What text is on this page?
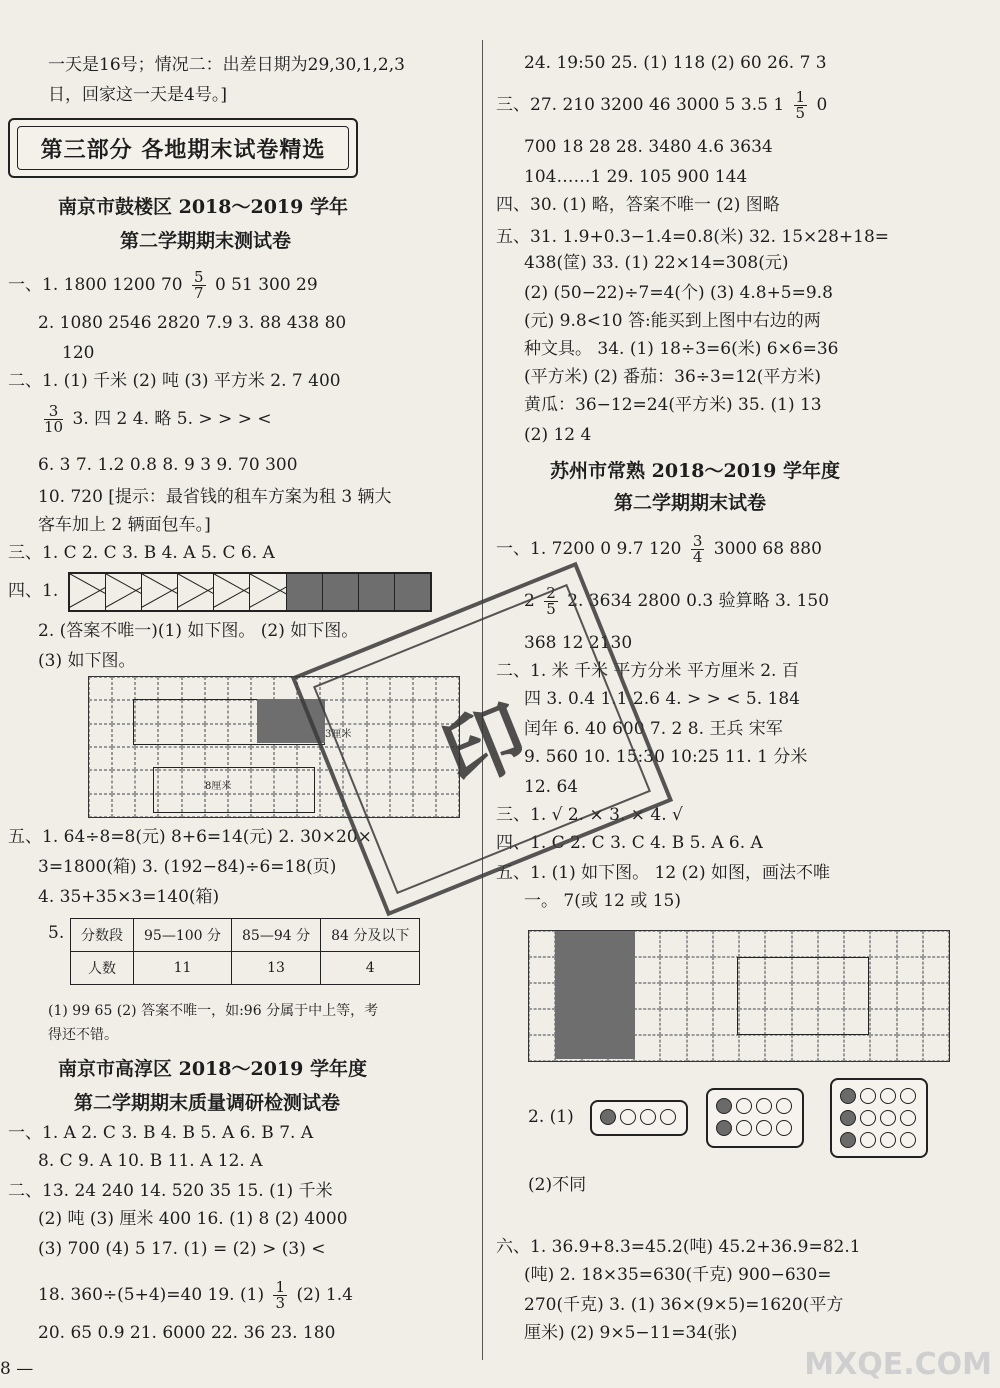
一天是16号；情况二：出差日期为29,30,1,2,3
日，回家这一天是4号。]
第三部分 各地期末试卷精选
南京市鼓楼区 2018～2019 学年
第二学期期末测试卷
一、1. 1800 1200 $70 \frac{5}{7} 0$ 51 300 29
2. 1080 2546 2820 7.9 3. 88 438 80
120
二、1. (1) 千米 (2) 吨 (3) 平方米 2. 7 400
$\frac{3}{10} 3$. 四 2 4. 略 5. > > > <
6. 3 7. 1.2 0.8 8. 9 3 9. 70 300
10. 720 [提示：最省钱的租车方案为租 3 辆大
客车加上 2 辆面包车。]
三、1. C 2. C 3. B 4. A 5. C 6. A
四、1.
2. (答案不唯一)(1) 如下图。 (2) 如下图。
(3) 如下图。
3厘米
8厘米
五、1. 64÷8=8(元) 8+6=14(元) 2. 30×20×
3=1800(箱) 3. (192−84)÷6=18(页)
4. 35+35×3=140(箱)
5. 分数段	95—100 分	85—94 分	84 分及以下
人数	11	13	4
(1) 99 65 (2) 答案不唯一，如:96 分属于中上等，考
得还不错。
南京市高淳区 2018～2019 学年度
第二学期期末质量调研检测试卷
一、1. A 2. C 3. B 4. B 5. A 6. B 7. A
8. C 9. A 10. B 11. A 12. A
二、13. 24 240 14. 520 35 15. (1) 千米
(2) 吨 (3) 厘米 400 16. (1) 8 (2) 4000
(3) 700 (4) 5 17. (1) = (2) > (3) <
18. 360÷(5+4)=40 19. $(1) \frac{1}{3} (2)$ 1.4
20. 65 0.9 21. 6000 22. 36 23. 180
8 —
24. 19:50 25. (1) 118 (2) 60 26. 7 3
三、27. 210 3200 46 3000 5 3.5 $1 \frac{1}{5} 0$
700 18 28 28. 3480 4.6 3634
104……1 29. 105 900 144
四、30. (1) 略，答案不唯一 (2) 图略
五、31. 1.9+0.3−1.4=0.8(米) 32. 15×28+18=
438(筐) 33. (1) 22×14=308(元)
(2) (50−22)÷7=4(个) (3) 4.8+5=9.8
(元) 9.8<10 答:能买到上图中右边的两
种文具。 34. (1) 18÷3=6(米) 6×6=36
(平方米) (2) 番茄：36÷3=12(平方米)
黄瓜：36−12=24(平方米) 35. (1) 13
(2) 12 4
苏州市常熟 2018～2019 学年度
第二学期期末试卷
一、1. 7200 0 9.7 $120 \frac{3}{4} 3000$ 68 880
$2 \frac{2}{5} 2$. 3634 2800 0.3 验算略 3. 150
368 12 2130
二、1. 米 千米 平方分米 平方厘米 2. 百
四 3. 0.4 1.1 2.6 4. > > < 5. 184
闰年 6. 40 600 7. 2 8. 王兵 宋军
9. 560 10. 15:30 10:25 11. 1 分米
12. 64
三、1. √ 2. × 3. × 4. √
四、1. C 2. C 3. C 4. B 5. A 6. A
五、1. (1) 如下图。 12 (2) 如图，画法不唯
一。 7(或 12 或 15)
2. (1)
(2)不同
六、1. 36.9+8.3=45.2(吨) 45.2+36.9=82.1
(吨) 2. 18×35=630(千克) 900−630=
270(千克) 3. (1) 36×(9×5)=1620(平方
厘米) (2) 9×5−11=34(张)
印
MXQE.COM
